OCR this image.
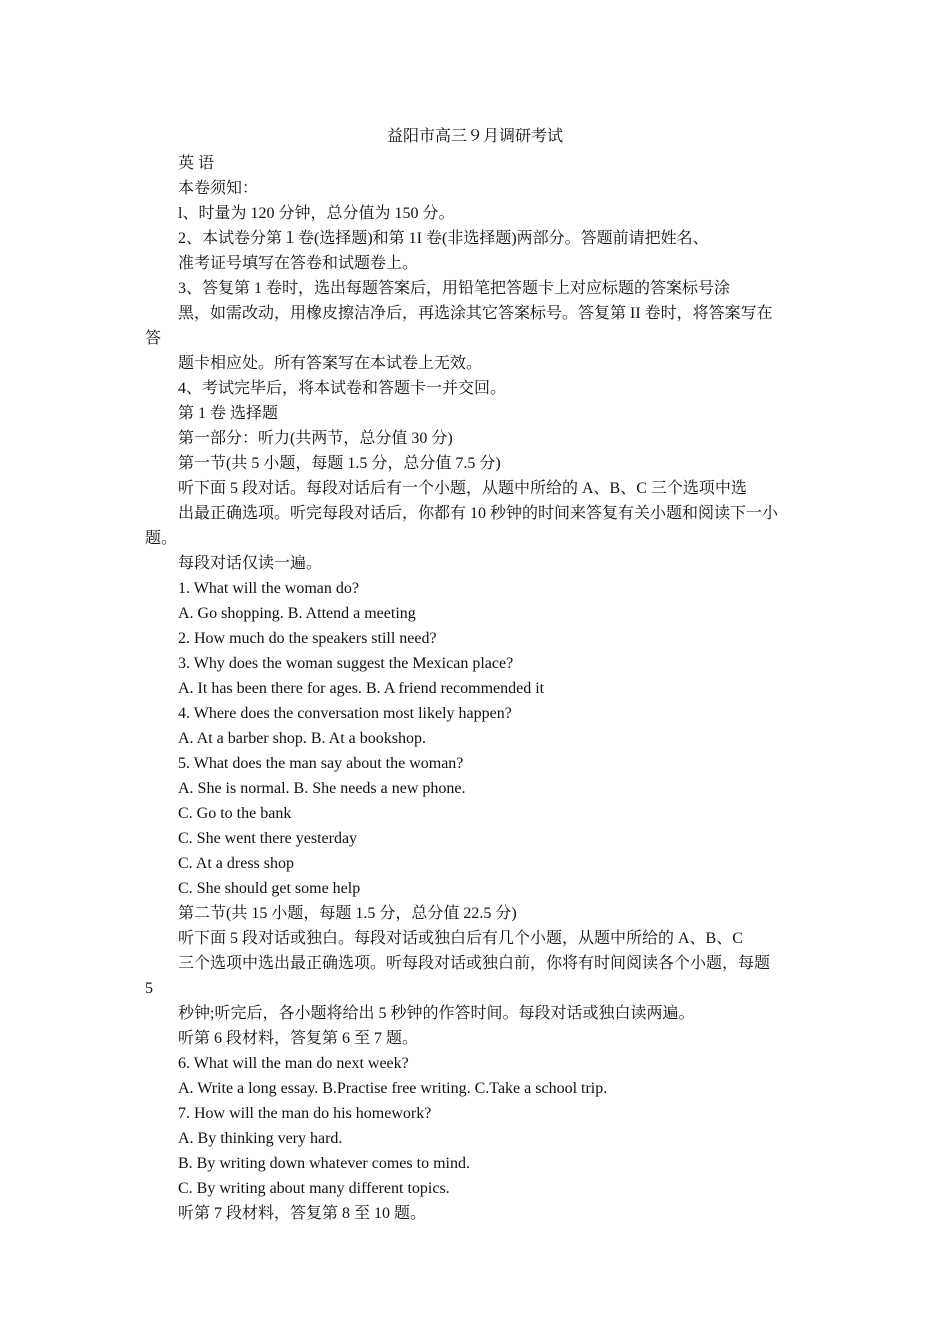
益阳市高三９月调研考试
英 语
本卷须知：
l、时量为 120 分钟，总分值为 150 分。
2、本试卷分第１卷(选择题)和第 1I 卷(非选择题)两部分。答题前请把姓名、
准考证号填写在答卷和试题卷上。
3、答复第 1 卷时，选出每题答案后，用铅笔把答题卡上对应标题的答案标号涂
黑，如需改动，用橡皮擦洁净后，再选涂其它答案标号。答复第 II 卷时，将答案写在
答
题卡相应处。所有答案写在本试卷上无效。
4、考试完毕后，将本试卷和答题卡一并交回。
第 1 卷 选择题
第一部分：听力(共两节，总分值 30 分)
第一节(共 5 小题，每题 1.5 分，总分值 7.5 分)
听下面 5 段对话。每段对话后有一个小题，从题中所给的 A、B、C 三个选项中选
出最正确选项。听完每段对话后，你都有 10 秒钟的时间来答复有关小题和阅读下一小
题。
每段对话仅读一遍。
1. What will the woman do?
A. Go shopping. B. Attend a meeting
2. How much do the speakers still need?
3. Why does the woman suggest the Mexican place?
A. It has been there for ages. B. A friend recommended it
4. Where does the conversation most likely happen?
A. At a barber shop. B. At a bookshop.
5. What does the man say about the woman?
A. She is normal. B. She needs a new phone.
C. Go to the bank
C. She went there yesterday
C. At a dress shop
C. She should get some help
第二节(共 15 小题，每题 1.5 分，总分值 22.5 分)
听下面 5 段对话或独白。每段对话或独白后有几个小题，从题中所给的 A、B、C
三个选项中选出最正确选项。听每段对话或独白前，你将有时间阅读各个小题，每题
5
秒钟;听完后，各小题将给出 5 秒钟的作答时间。每段对话或独白读两遍。
听第 6 段材料，答复第 6 至 7 题。
6. What will the man do next week?
A. Write a long essay. B.Practise free writing. C.Take a school trip.
7. How will the man do his homework?
A. By thinking very hard.
B. By writing down whatever comes to mind.
C. By writing about many different topics.
听第 7 段材料，答复第 8 至 10 题。
